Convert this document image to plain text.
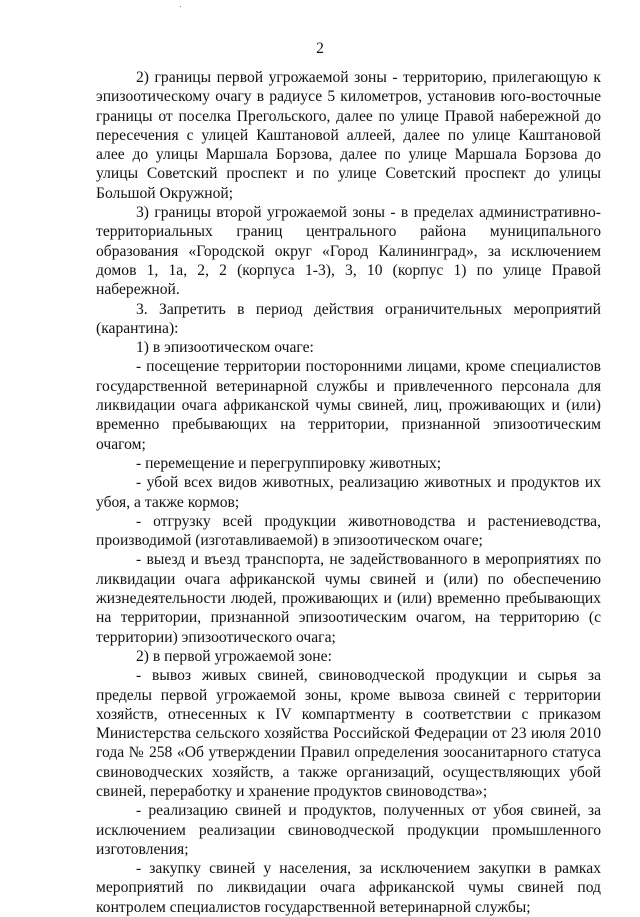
2

2) границы первой угрожаемой зоны - территорию, прилегающую к эпизоотическому очагу в радиусе 5 километров, установив юго-восточные границы от поселка Прегольского, далее по улице Правой набережной до пересечения с улицей Каштановой аллеей, далее по улице Каштановой алее до улицы Маршала Борзова, далее по улице Маршала Борзова до улицы Советский проспект и по улице Советский проспект до улицы Большой Окружной;

3) границы второй угрожаемой зоны - в пределах административно-территориальных границ центрального района муниципального образования «Городской округ «Город Калининград», за исключением домов 1, 1а, 2, 2 (корпуса 1-3), 3, 10 (корпус 1) по улице Правой набережной.

3. Запретить в период действия ограничительных мероприятий (карантина):

1) в эпизоотическом очаге:

- посещение территории посторонними лицами, кроме специалистов государственной ветеринарной службы и привлеченного персонала для ликвидации очага африканской чумы свиней, лиц, проживающих и (или) временно пребывающих на территории, признанной эпизоотическим очагом;

- перемещение и перегруппировку животных;

- убой всех видов животных, реализацию животных и продуктов их убоя, а также кормов;

- отгрузку всей продукции животноводства и растениеводства, производимой (изготавливаемой) в эпизоотическом очаге;

- выезд и въезд транспорта, не задействованного в мероприятиях по ликвидации очага африканской чумы свиней и (или) по обеспечению жизнедеятельности людей, проживающих и (или) временно пребывающих на территории, признанной эпизоотическим очагом, на территорию (с территории) эпизоотического очага;

2) в первой угрожаемой зоне:

- вывоз живых свиней, свиноводческой продукции и сырья за пределы первой угрожаемой зоны, кроме вывоза свиней с территории хозяйств, отнесенных к IV компартменту в соответствии с приказом Министерства сельского хозяйства Российской Федерации от 23 июля 2010 года № 258 «Об утверждении Правил определения зоосанитарного статуса свиноводческих хозяйств, а также организаций, осуществляющих убой свиней, переработку и хранение продуктов свиноводства»;

- реализацию свиней и продуктов, полученных от убоя свиней, за исключением реализации свиноводческой продукции промышленного изготовления;

- закупку свиней у населения, за исключением закупки в рамках мероприятий по ликвидации очага африканской чумы свиней под контролем специалистов государственной ветеринарной службы;
